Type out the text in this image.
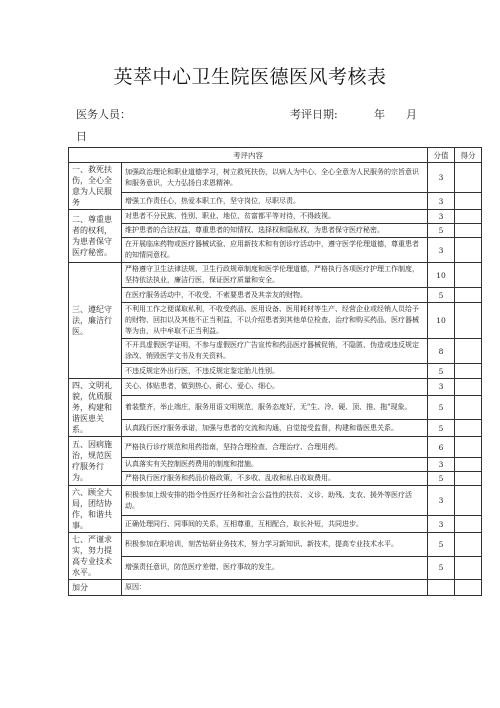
英萃中心卫生院医德医风考核表
医务人员：	考评日期:	年 月
日
考评内容		分值	得分
一、救死扶伤，全心全意为人民服务	加强政治理论和职业道德学习，树立救死扶伤，以病人为中心、全心全意为人民服务的宗旨意识和服务意识，大力弘扬白求恩精神。	3	
	增强工作责任心，热爱本职工作，坚守岗位，尽职尽责。	3	
二、尊重患者的权利，为患者保守医疗秘密。	对患者不分民族、性别、职业、地位、贫富都平等对待，不得歧视。	3	
	维护患者的合法权益，尊重患者的知情权、选择权和隐私权，为患者保守医疗秘密。	5	
	在开展临床药物或医疗器械试验、应用新技术和有创诊疗活动中，遵守医学伦理道德，尊重患者的知情同意权。	3	
三、遵纪守法，廉洁行医。	严格遵守卫生法律法规、卫生行政规章制度和医学伦理道德，严格执行各项医疗护理工作制度，坚持依法执业，廉洁行医，保证医疗质量和安全。	10	
	在医疗服务活动中，不收受、不索要患者及其亲友的财物。	5	
	不利用工作之便谋取私利，不收受药品、医用设备、医用耗材等生产、经营企业或经销人员给予的财物、回扣以及其他不正当利益，不以介绍患者到其他单位检查、治疗和购买药品、医疗器械等为由，从中牟取不正当利益。	10	
	不开具虚假医学证明，不参与虚假医疗广告宣传和药品医疗器械促销，不隐匿、伪造或违反规定涂改、销毁医学文书及有关资料。	8	
	不违反规定外出行医，不违反规定鉴定胎儿性别。	5	
四、文明礼貌，优质服务，构建和谐医患关系。	关心、体贴患者，做到热心、耐心、爱心、细心。	3	
	着装整齐，举止端庄，服务用语文明规范，服务态度好，无"生、冷、硬、顶、推、拖"现象。	5	
	认真践行医疗服务承诺，加强与患者的交流和沟通，自觉接受监督，构建和谐医患关系。	5	
五、因病施治，规范医疗服务行为。	严格执行诊疗规范和用药指南，坚持合理检查、合理治疗、合理用药。	6	
	认真落实有关控制医药费用的制度和措施。	3	
	严格执行医疗服务和药品价格政策，不多收、乱收和私自收取费用。	5	
六、顾全大局，团结协作，和谐共事。	积极参加上级安排的指令性医疗任务和社会公益性的扶贫、义诊、助残、支农、援外等医疗活动。	3	
	正确处理同行、同事间的关系，互相尊重，互相配合，取长补短，共同进步。	3	
七、严谨求实，努力提高专业技术水平。	积极参加在职培训，刻苦钻研业务技术，努力学习新知识、新技术，提高专业技术水平。	5	
	增强责任意识，防范医疗差错、医疗事故的发生。	5	
加分	原因：		
